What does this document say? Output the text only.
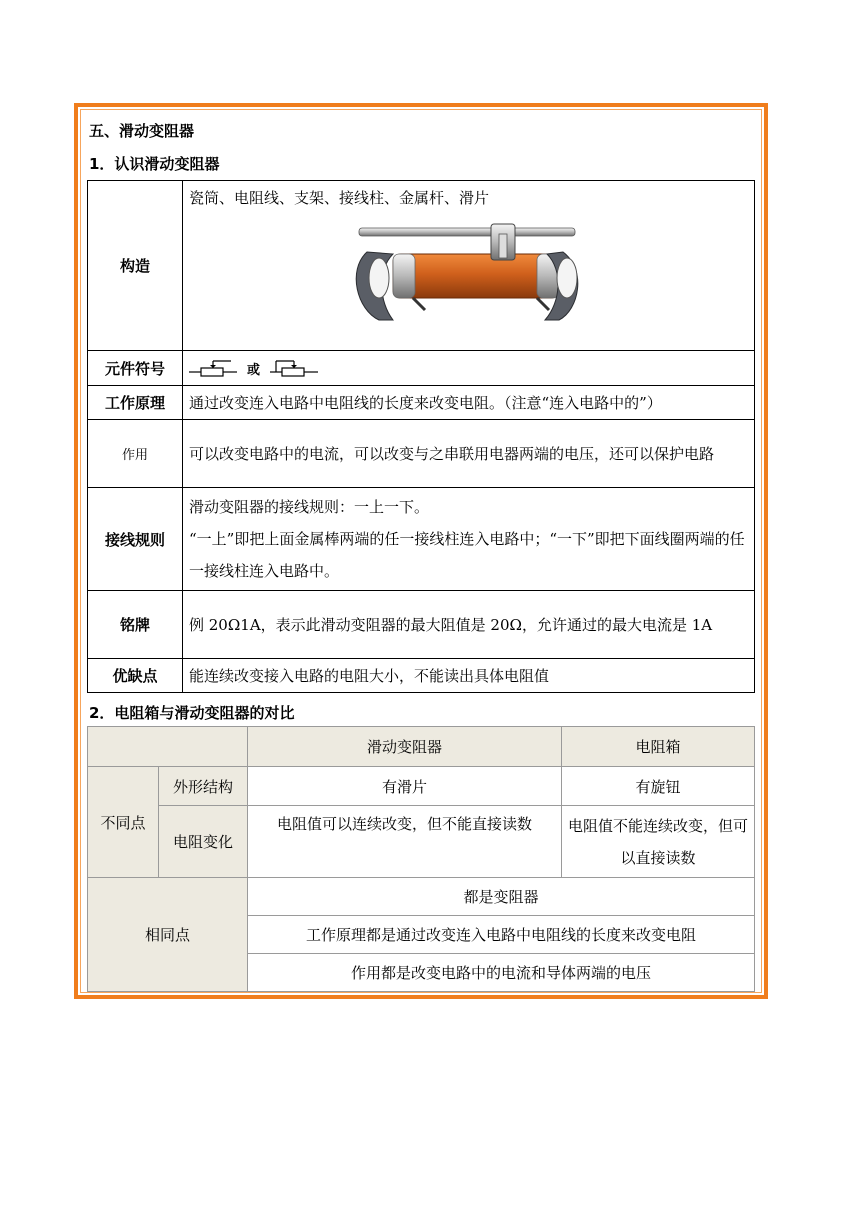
五、滑动变阻器
1．认识滑动变阻器
构造	瓷筒、电阻线、支架、接线柱、金属杆、滑片

元件符号	或

工作原理	通过改变连入电路中电阻线的长度来改变电阻。（注意“连入电路中的”）
作用	可以改变电路中的电流，可以改变与之串联用电器两端的电压，还可以保护电路
接线规则	滑动变阻器的接线规则：一上一下。
“一上”即把上面金属棒两端的任一接线柱连入电路中；“一下”即把下面线圈两端的任一接线柱连入电路中。

铭牌	例 20Ω1A，表示此滑动变阻器的最大阻值是 20Ω，允许通过的最大电流是 1A
优缺点	能连续改变接入电路的电阻大小，不能读出具体电阻值
2．电阻箱与滑动变阻器的对比
		滑动变阻器	电阻箱
不同点	外形结构	有滑片	有旋钮
	电阻变化	电阻值可以连续改变，但不能直接读数	电阻值不能连续改变，但可以直接读数
相同点		都是变阻器	
		工作原理都是通过改变连入电路中电阻线的长度来改变电阻	
		作用都是改变电路中的电流和导体两端的电压	
